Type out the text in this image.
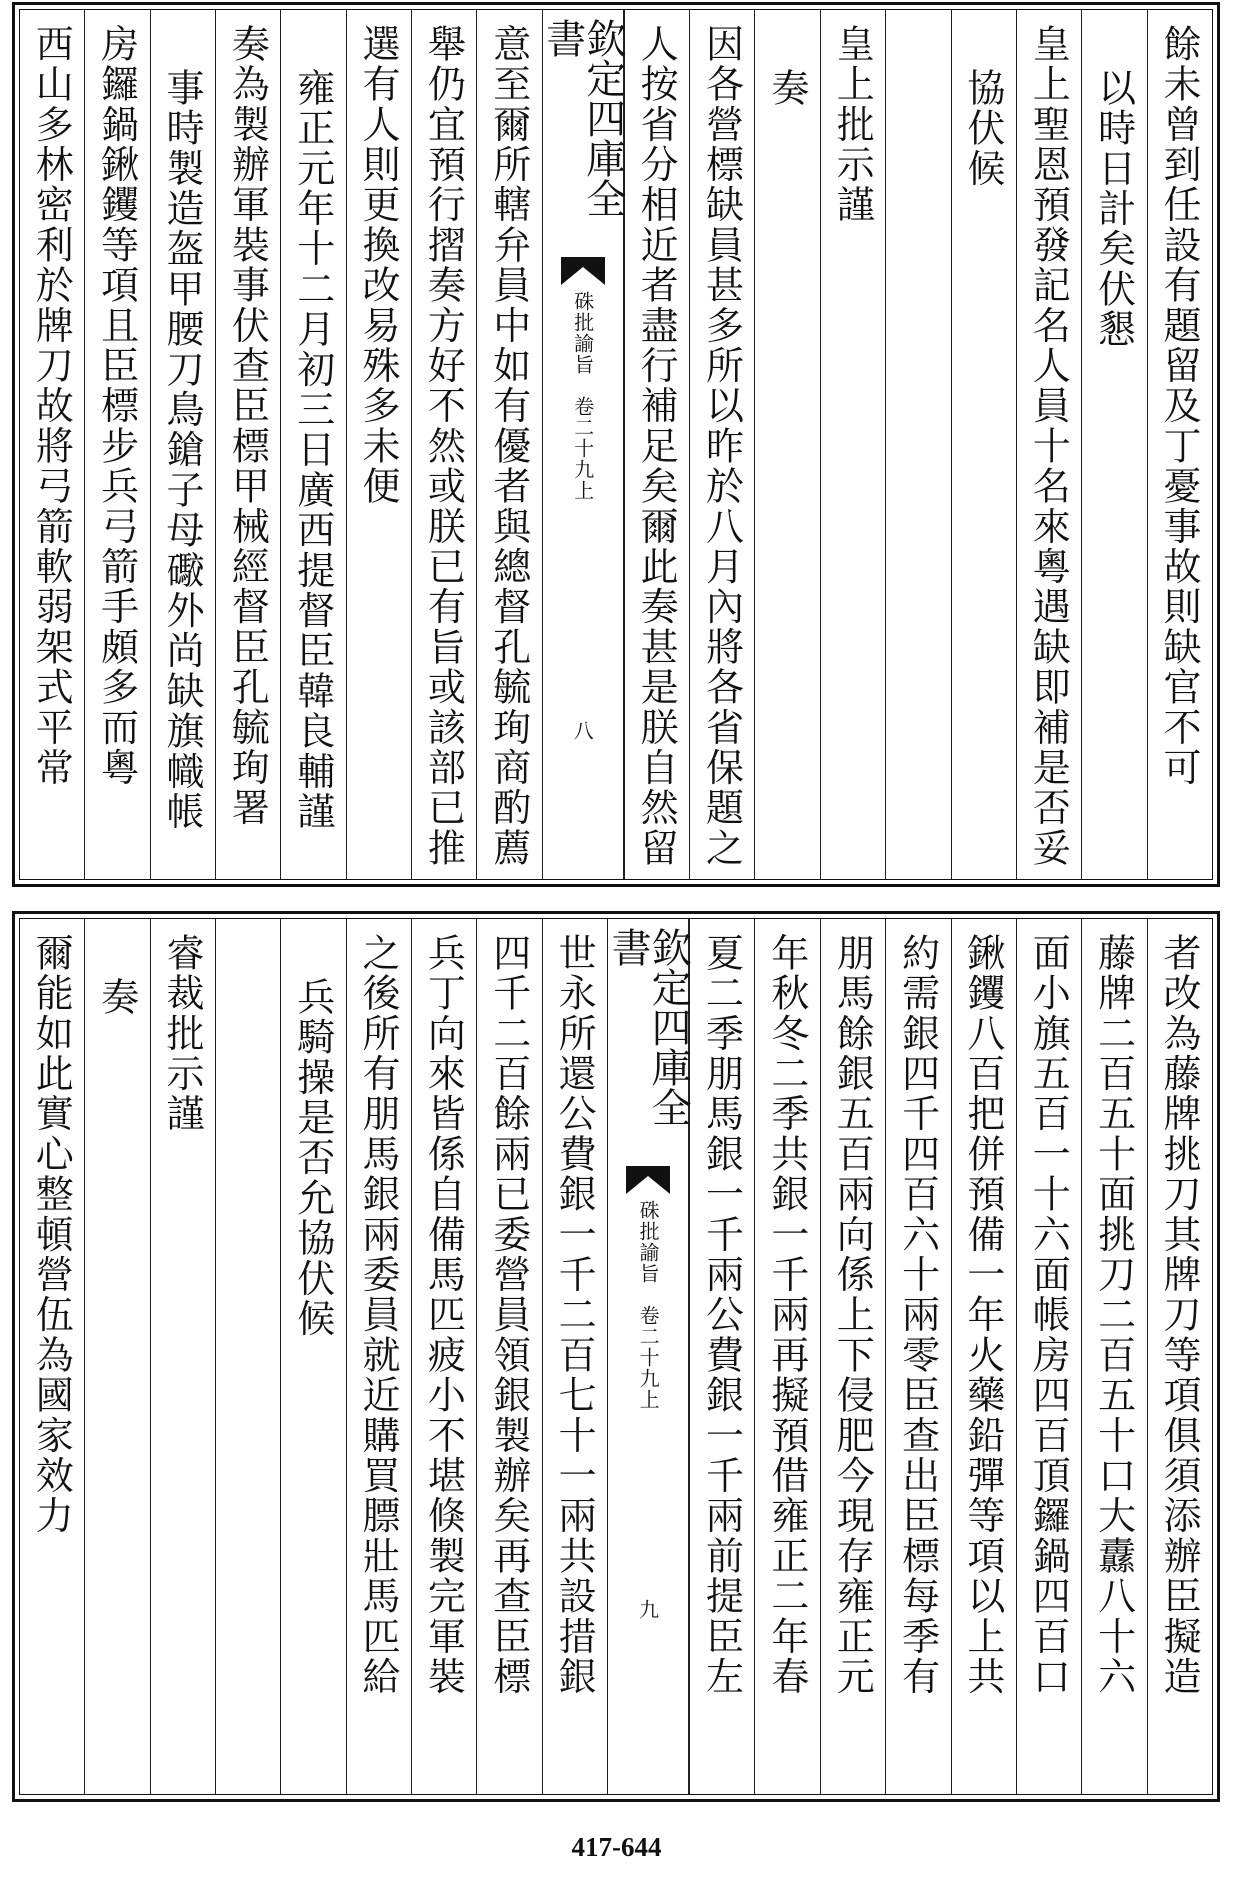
餘未曾到任設有題留及丁憂事故則缺官不可
以時日計矣伏懇
皇上聖恩預發記名人員十名來粵遇缺即補是否妥
協伏候
皇上批示謹
奏
因各營標缺員甚多所以昨於八月內將各省保題之
人按省分相近者盡行補足矣爾此奏甚是朕自然留
欽定四庫全書
硃批諭旨　卷二十九上
八
意至爾所轄弁員中如有優者與總督孔毓珣商酌薦
舉仍宜預行摺奏方好不然或朕已有旨或該部已推
選有人則更換改易殊多未便
雍正元年十二月初三日廣西提督臣韓良輔謹
奏為製辦軍裝事伏查臣標甲械經督臣孔毓珣署
事時製造盔甲腰刀鳥鎗子母礮外尚缺旗幟帳
房鑼鍋鍬钁等項且臣標步兵弓箭手頗多而粵
西山多林密利於牌刀故將弓箭軟弱架式平常
者改為藤牌挑刀其牌刀等項俱須添辦臣擬造
藤牌二百五十面挑刀二百五十口大纛八十六
面小旗五百一十六面帳房四百頂鑼鍋四百口
鍬钁八百把併預備一年火藥鉛彈等項以上共
約需銀四千四百六十兩零臣查出臣標每季有
朋馬餘銀五百兩向係上下侵肥今現存雍正元
年秋冬二季共銀一千兩再擬預借雍正二年春
夏二季朋馬銀一千兩公費銀一千兩前提臣左
欽定四庫全書
硃批諭旨　卷二十九上
九
世永所還公費銀一千二百七十一兩共設措銀
四千二百餘兩已委營員領銀製辦矣再查臣標
兵丁向來皆係自備馬匹疲小不堪倏製完軍裝
之後所有朋馬銀兩委員就近購買膘壯馬匹給
兵騎操是否允協伏候
睿裁批示謹
奏
爾能如此實心整頓營伍為國家效力
417-644
